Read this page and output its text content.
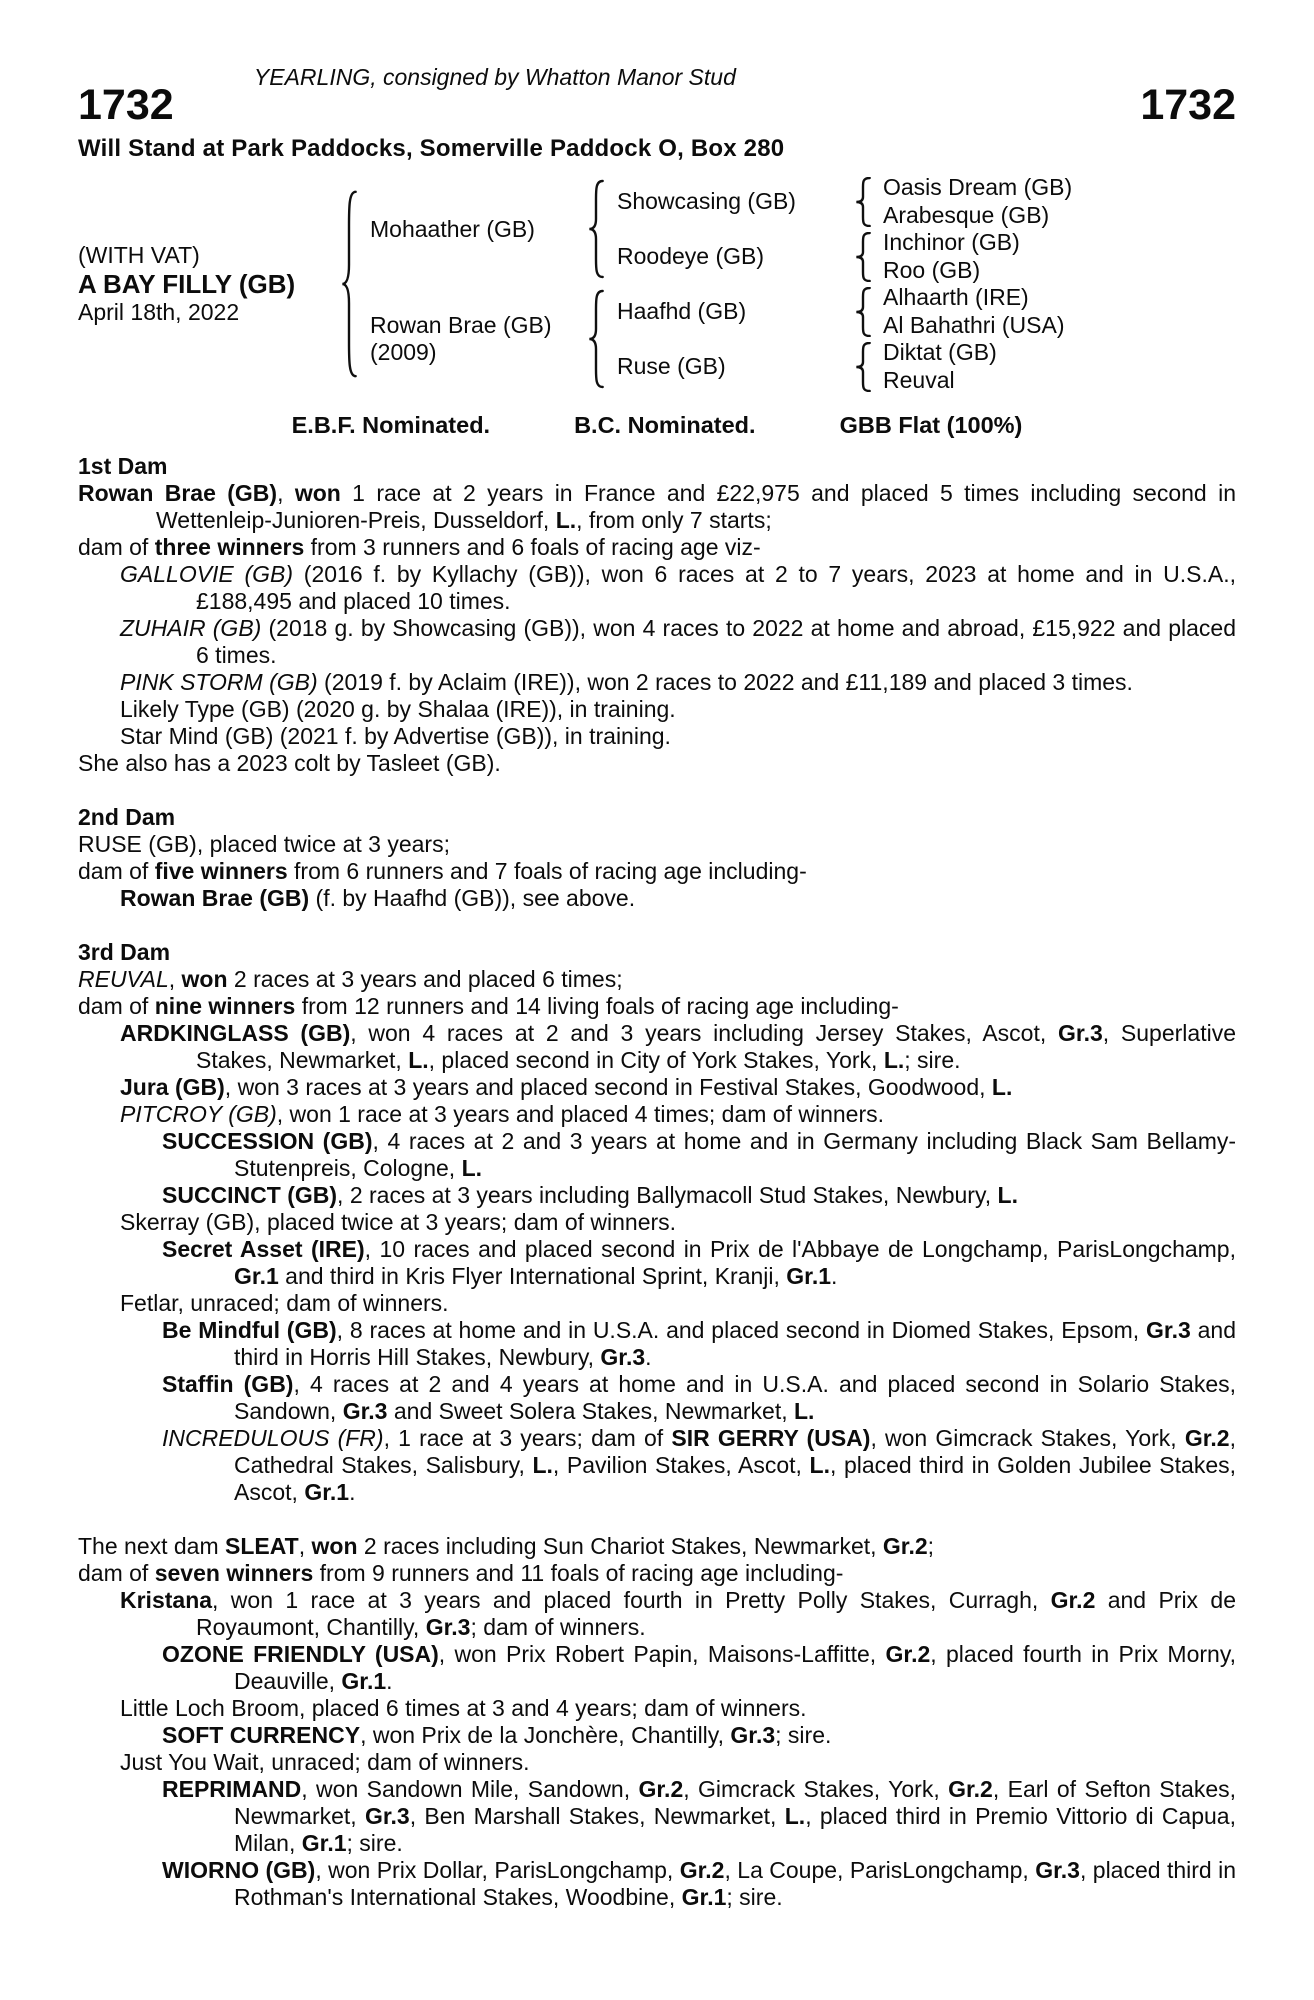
YEARLING, consigned by Whatton Manor Stud
1732	1732
Will Stand at Park Paddocks, Somerville Paddock O, Box 280
(WITH VAT)
A BAY FILLY (GB)
April 18th, 2022
Mohaather (GB)
Rowan Brae (GB)
(2009)
Showcasing (GB)
Roodeye (GB)
Haafhd (GB)
Ruse (GB)
Oasis Dream (GB)
Arabesque (GB)
Inchinor (GB)
Roo (GB)
Alhaarth (IRE)
Al Bahathri (USA)
Diktat (GB)
Reuval
E.B.F. Nominated.	B.C. Nominated.	GBB Flat (100%)
1st Dam

Rowan Brae (GB), won 1 race at 2 years in France and £22,975 and placed 5 times including second in Wettenleip-Junioren-Preis, Dusseldorf, L., from only 7 starts;

dam of three winners from 3 runners and 6 foals of racing age viz-

GALLOVIE (GB) (2016 f. by Kyllachy (GB)), won 6 races at 2 to 7 years, 2023 at home and in U.S.A., £188,495 and placed 10 times.

ZUHAIR (GB) (2018 g. by Showcasing (GB)), won 4 races to 2022 at home and abroad, £15,922 and placed 6 times.

PINK STORM (GB) (2019 f. by Aclaim (IRE)), won 2 races to 2022 and £11,189 and placed 3 times.

Likely Type (GB) (2020 g. by Shalaa (IRE)), in training.

Star Mind (GB) (2021 f. by Advertise (GB)), in training.

She also has a 2023 colt by Tasleet (GB).

2nd Dam

RUSE (GB), placed twice at 3 years;

dam of five winners from 6 runners and 7 foals of racing age including-

Rowan Brae (GB) (f. by Haafhd (GB)), see above.

3rd Dam

REUVAL, won 2 races at 3 years and placed 6 times;

dam of nine winners from 12 runners and 14 living foals of racing age including-

ARDKINGLASS (GB), won 4 races at 2 and 3 years including Jersey Stakes, Ascot, Gr.3, Superlative Stakes, Newmarket, L., placed second in City of York Stakes, York, L.; sire.

Jura (GB), won 3 races at 3 years and placed second in Festival Stakes, Goodwood, L.

PITCROY (GB), won 1 race at 3 years and placed 4 times; dam of winners.

SUCCESSION (GB), 4 races at 2 and 3 years at home and in Germany including Black Sam Bellamy-Stutenpreis, Cologne, L.

SUCCINCT (GB), 2 races at 3 years including Ballymacoll Stud Stakes, Newbury, L.

Skerray (GB), placed twice at 3 years; dam of winners.

Secret Asset (IRE), 10 races and placed second in Prix de l'Abbaye de Longchamp, ParisLongchamp, Gr.1 and third in Kris Flyer International Sprint, Kranji, Gr.1.

Fetlar, unraced; dam of winners.

Be Mindful (GB), 8 races at home and in U.S.A. and placed second in Diomed Stakes, Epsom, Gr.3 and third in Horris Hill Stakes, Newbury, Gr.3.

Staffin (GB), 4 races at 2 and 4 years at home and in U.S.A. and placed second in Solario Stakes, Sandown, Gr.3 and Sweet Solera Stakes, Newmarket, L.

INCREDULOUS (FR), 1 race at 3 years; dam of SIR GERRY (USA), won Gimcrack Stakes, York, Gr.2, Cathedral Stakes, Salisbury, L., Pavilion Stakes, Ascot, L., placed third in Golden Jubilee Stakes, Ascot, Gr.1.

The next dam SLEAT, won 2 races including Sun Chariot Stakes, Newmarket, Gr.2;

dam of seven winners from 9 runners and 11 foals of racing age including-

Kristana, won 1 race at 3 years and placed fourth in Pretty Polly Stakes, Curragh, Gr.2 and Prix de Royaumont, Chantilly, Gr.3; dam of winners.

OZONE FRIENDLY (USA), won Prix Robert Papin, Maisons-Laffitte, Gr.2, placed fourth in Prix Morny, Deauville, Gr.1.

Little Loch Broom, placed 6 times at 3 and 4 years; dam of winners.

SOFT CURRENCY, won Prix de la Jonchère, Chantilly, Gr.3; sire.

Just You Wait, unraced; dam of winners.

REPRIMAND, won Sandown Mile, Sandown, Gr.2, Gimcrack Stakes, York, Gr.2, Earl of Sefton Stakes, Newmarket, Gr.3, Ben Marshall Stakes, Newmarket, L., placed third in Premio Vittorio di Capua, Milan, Gr.1; sire.

WIORNO (GB), won Prix Dollar, ParisLongchamp, Gr.2, La Coupe, ParisLongchamp, Gr.3, placed third in Rothman's International Stakes, Woodbine, Gr.1; sire.
